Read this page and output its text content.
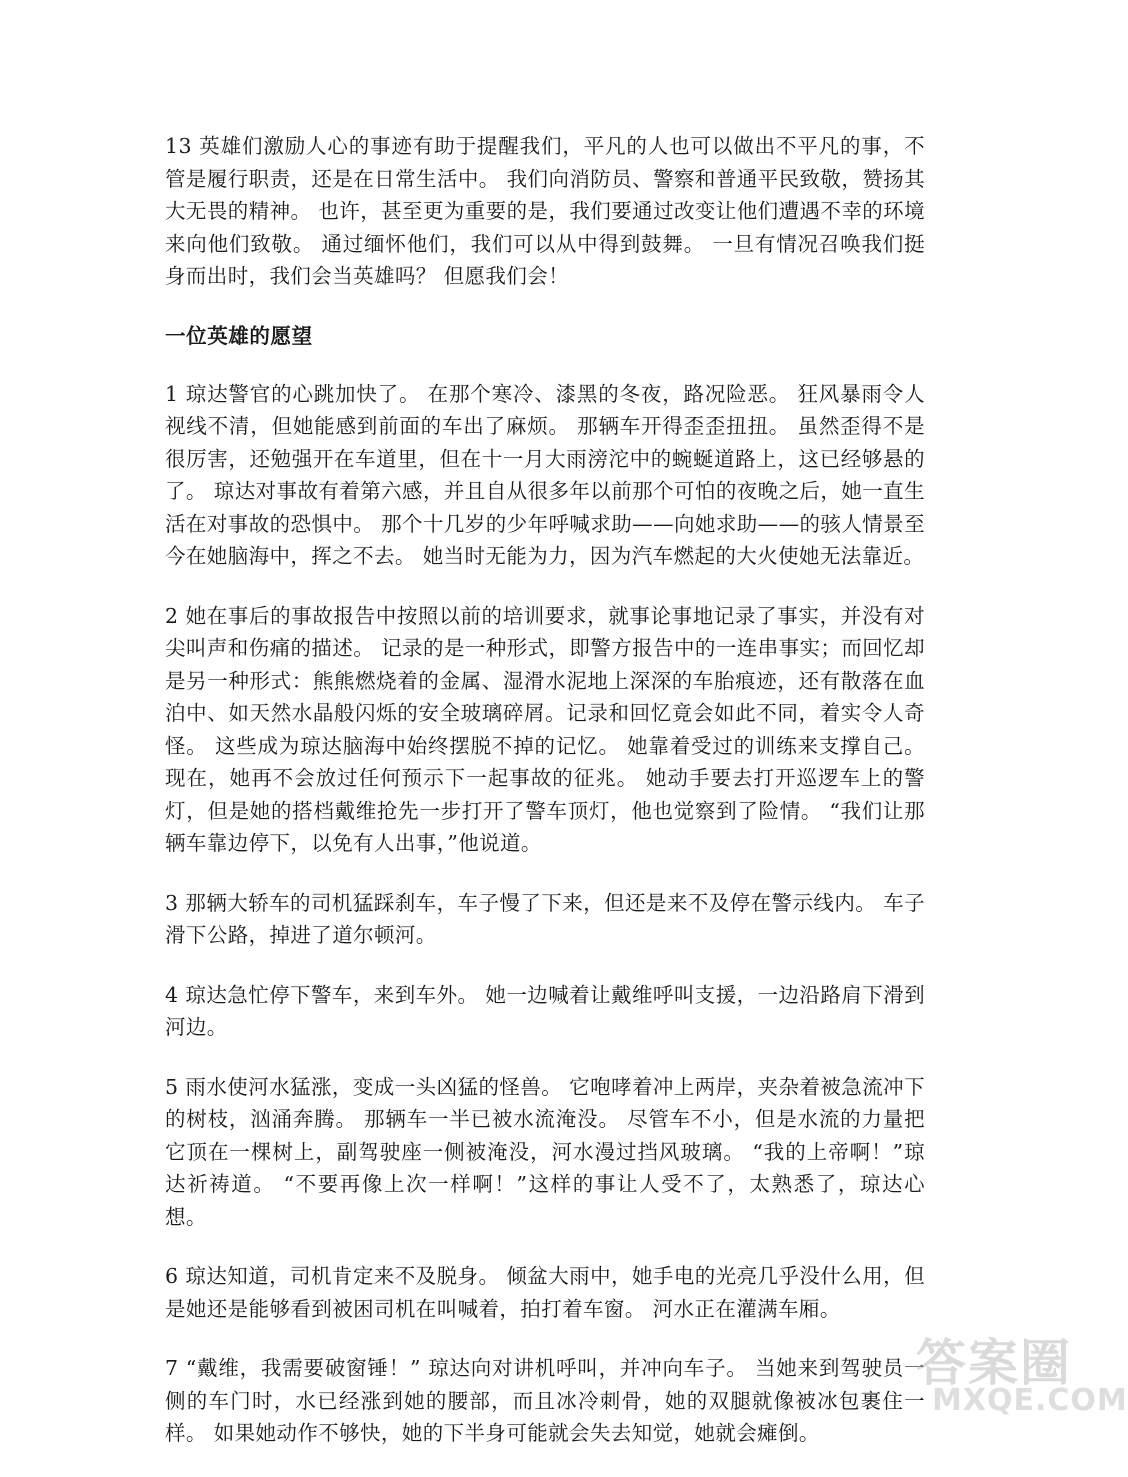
13 英雄们激励人心的事迹有助于提醒我们，平凡的人也可以做出不平凡的事，不管是履行职责，还是在日常生活中。 我们向消防员、警察和普通平民致敬，赞扬其大无畏的精神。 也许，甚至更为重要的是，我们要通过改变让他们遭遇不幸的环境来向他们致敬。 通过缅怀他们，我们可以从中得到鼓舞。 一旦有情况召唤我们挺身而出时，我们会当英雄吗？ 但愿我们会！

一位英雄的愿望

1 琼达警官的心跳加快了。 在那个寒冷、漆黑的冬夜，路况险恶。 狂风暴雨令人视线不清，但她能感到前面的车出了麻烦。 那辆车开得歪歪扭扭。 虽然歪得不是很厉害，还勉强开在车道里，但在十一月大雨滂沱中的蜿蜒道路上，这已经够悬的了。 琼达对事故有着第六感，并且自从很多年以前那个可怕的夜晚之后，她一直生活在对事故的恐惧中。 那个十几岁的少年呼喊求助——向她求助——的骇人情景至今在她脑海中，挥之不去。 她当时无能为力，因为汽车燃起的大火使她无法靠近。

2 她在事后的事故报告中按照以前的培训要求，就事论事地记录了事实，并没有对尖叫声和伤痛的描述。 记录的是一种形式，即警方报告中的一连串事实；而回忆却是另一种形式：熊熊燃烧着的金属、湿滑水泥地上深深的车胎痕迹，还有散落在血泊中、如天然水晶般闪烁的安全玻璃碎屑。记录和回忆竟会如此不同，着实令人奇怪。 这些成为琼达脑海中始终摆脱不掉的记忆。 她靠着受过的训练来支撑自己。现在，她再不会放过任何预示下一起事故的征兆。 她动手要去打开巡逻车上的警灯，但是她的搭档戴维抢先一步打开了警车顶灯，他也觉察到了险情。 “我们让那辆车靠边停下，以免有人出事，”他说道。

3 那辆大轿车的司机猛踩刹车，车子慢了下来，但还是来不及停在警示线内。 车子滑下公路，掉进了道尔顿河。

4 琼达急忙停下警车，来到车外。 她一边喊着让戴维呼叫支援，一边沿路肩下滑到河边。

5 雨水使河水猛涨，变成一头凶猛的怪兽。 它咆哮着冲上两岸，夹杂着被急流冲下的树枝，汹涌奔腾。 那辆车一半已被水流淹没。 尽管车不小，但是水流的力量把它顶在一棵树上，副驾驶座一侧被淹没，河水漫过挡风玻璃。 “我的上帝啊！”琼达祈祷道。 “不要再像上次一样啊！”这样的事让人受不了，太熟悉了，琼达心想。

6 琼达知道，司机肯定来不及脱身。 倾盆大雨中，她手电的光亮几乎没什么用，但是她还是能够看到被困司机在叫喊着，拍打着车窗。 河水正在灌满车厢。

7 “戴维，我需要破窗锤！” 琼达向对讲机呼叫，并冲向车子。 当她来到驾驶员一侧的车门时，水已经涨到她的腰部，而且冰冷刺骨，她的双腿就像被冰包裹住一样。 如果她动作不够快，她的下半身可能就会失去知觉，她就会瘫倒。

答案圈
MXQE.COM
